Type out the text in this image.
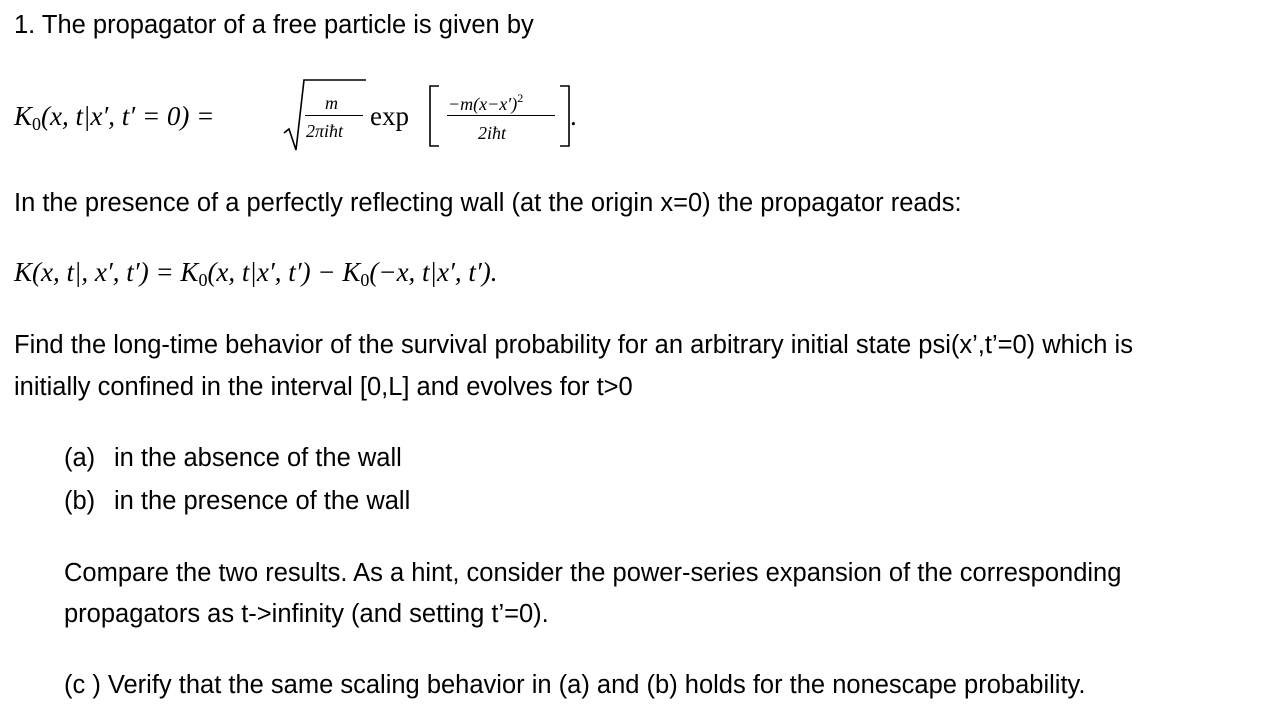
1. The propagator of a free particle is given by
$K_0(x$, t|x′, t′ = 0) =	m
2πiħt $\exp -m(x-x')^2$
2iħt
.
In the presence of a perfectly reflecting wall (at the origin x=0) the propagator reads:
K(x, t|, x′, $t') = K_0(x$, t|x′, $t') - K_0(-x$, t|x′, t′).
Find the long-time behavior of the survival probability for an arbitrary initial state psi(x’,t’=0) which is
initially confined in the interval [0,L] and evolves for t>0
(a) in the absence of the wall
(b) in the presence of the wall
Compare the two results. As a hint, consider the power-series expansion of the corresponding
propagators as t->infinity (and setting t’=0).
(c ) Verify that the same scaling behavior in (a) and (b) holds for the nonescape probability.
